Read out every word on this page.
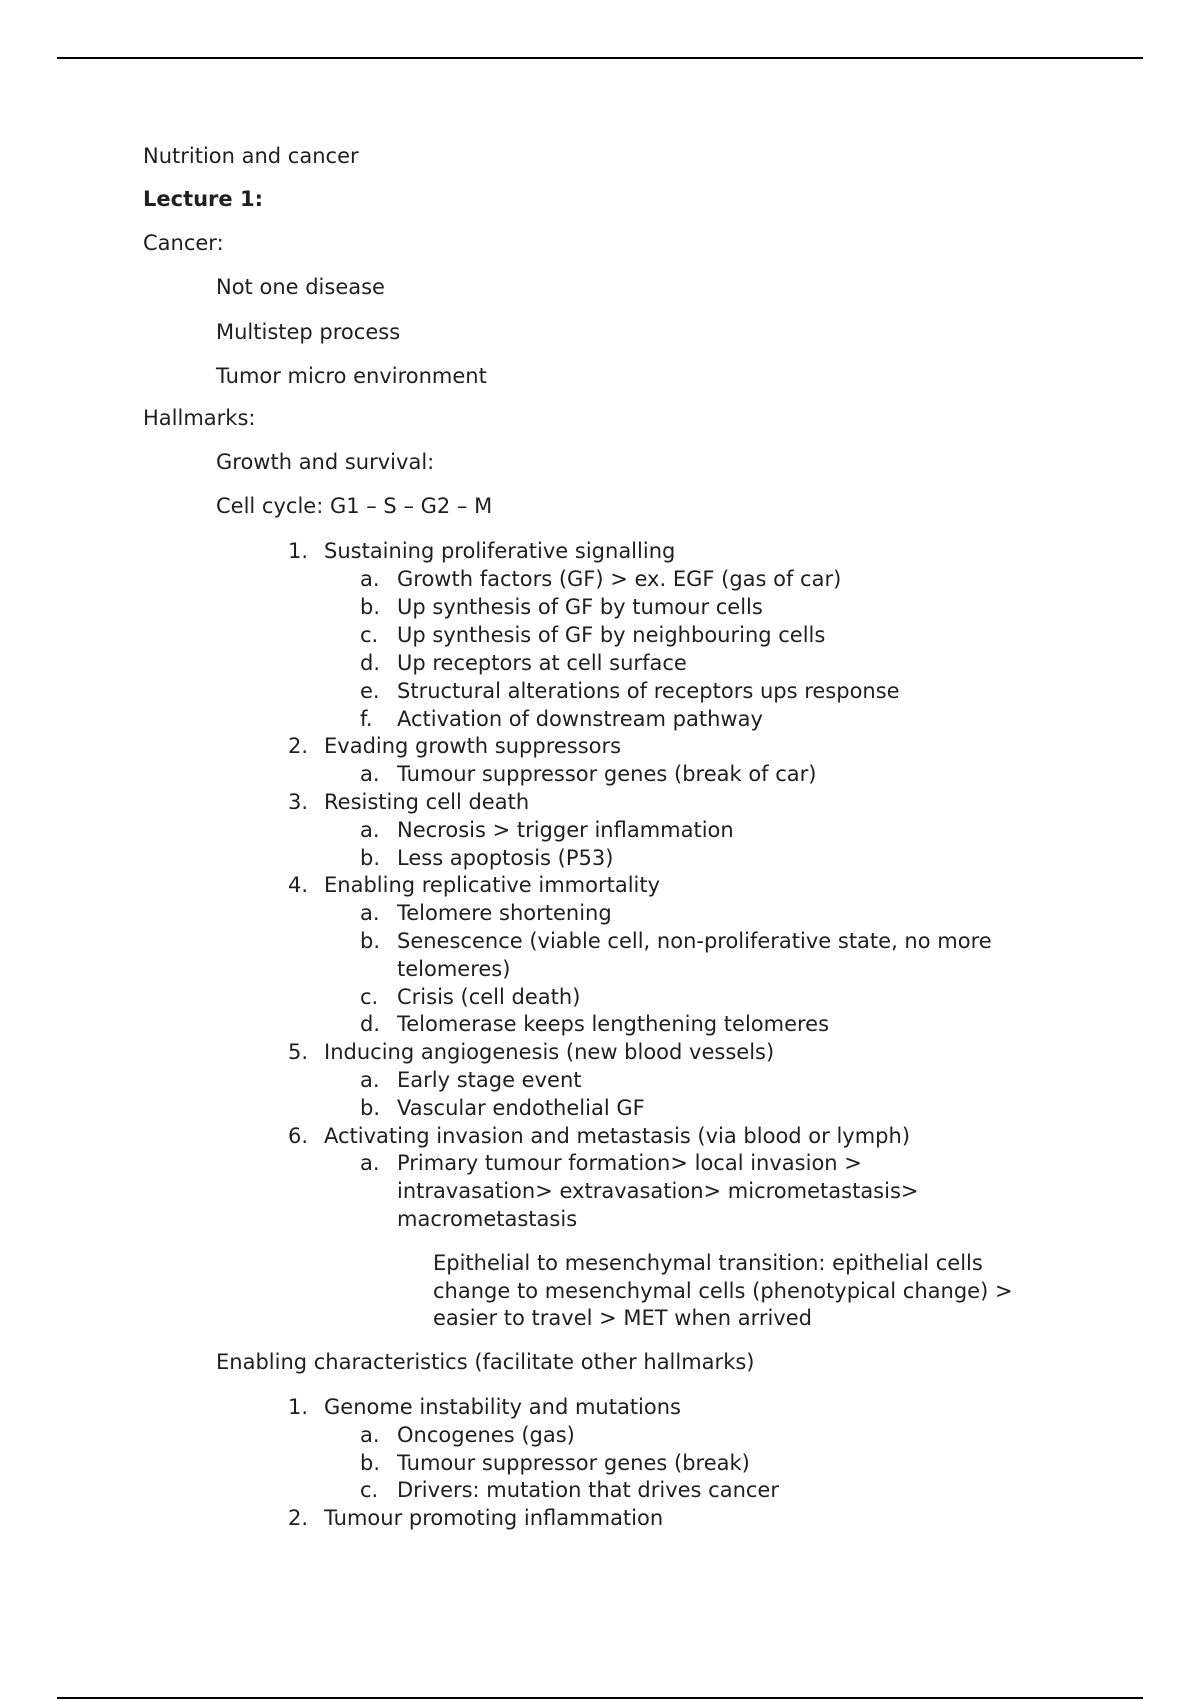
Nutrition and cancer

Lecture 1:

Cancer:

Not one disease

Multistep process

Tumor micro environment

Hallmarks:

Growth and survival:

Cell cycle: G1 – S – G2 – M

1. Sustaining proliferative signalling

a. Growth factors (GF) > ex. EGF (gas of car)

b. Up synthesis of GF by tumour cells

c. Up synthesis of GF by neighbouring cells

d. Up receptors at cell surface

e. Structural alterations of receptors ups response

f. Activation of downstream pathway

2. Evading growth suppressors

a. Tumour suppressor genes (break of car)

3. Resisting cell death

a. Necrosis > trigger inflammation

b. Less apoptosis (P53)

4. Enabling replicative immortality

a. Telomere shortening

b. Senescence (viable cell, non-proliferative state, no more

telomeres)

c. Crisis (cell death)

d. Telomerase keeps lengthening telomeres

5. Inducing angiogenesis (new blood vessels)

a. Early stage event

b. Vascular endothelial GF

6. Activating invasion and metastasis (via blood or lymph)

a. Primary tumour formation> local invasion >

intravasation> extravasation> micrometastasis>

macrometastasis

Epithelial to mesenchymal transition: epithelial cells

change to mesenchymal cells (phenotypical change) >

easier to travel > MET when arrived

Enabling characteristics (facilitate other hallmarks)

1. Genome instability and mutations

a. Oncogenes (gas)

b. Tumour suppressor genes (break)

c. Drivers: mutation that drives cancer

2. Tumour promoting inflammation
